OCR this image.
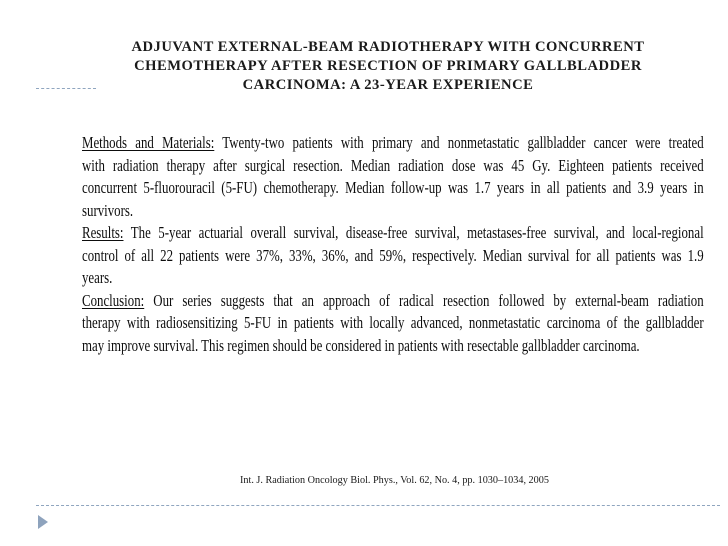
ADJUVANT EXTERNAL-BEAM RADIOTHERAPY WITH CONCURRENT
CHEMOTHERAPY AFTER RESECTION OF PRIMARY GALLBLADDER
CARCINOMA: A 23-YEAR EXPERIENCE
Methods and Materials: Twenty-two patients with primary and nonmetastatic gallbladder cancer were treated
with radiation therapy after surgical resection. Median radiation dose was 45 Gy. Eighteen patients received
concurrent 5-fluorouracil (5-FU) chemotherapy. Median follow-up was 1.7 years in all patients and 3.9 years in
survivors.
Results: The 5-year actuarial overall survival, disease-free survival, metastases-free survival, and local-regional
control of all 22 patients were 37%, 33%, 36%, and 59%, respectively. Median survival for all patients was 1.9
years.
Conclusion: Our series suggests that an approach of radical resection followed by external-beam radiation
therapy with radiosensitizing 5-FU in patients with locally advanced, nonmetastatic carcinoma of the gallbladder
may improve survival. This regimen should be considered in patients with resectable gallbladder carcinoma.
Int. J. Radiation Oncology Biol. Phys., Vol. 62, No. 4, pp. 1030–1034, 2005
